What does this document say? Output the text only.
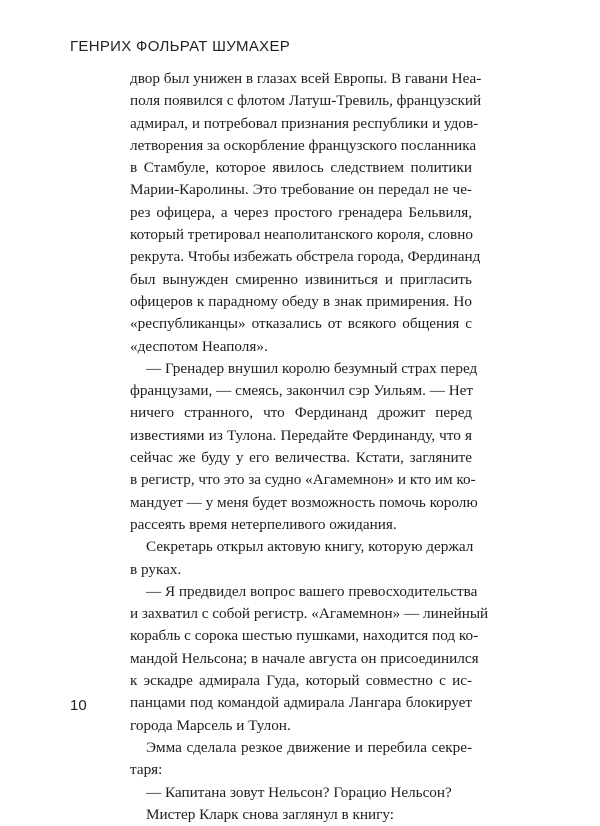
ГЕНРИХ ФОЛЬРАТ ШУМАХЕР
двор был унижен в глазах всей Европы. В гавани Неа-
поля появился с флотом Латуш-Тревиль, французский
адмирал, и потребовал признания республики и удов-
летворения за оскорбление французского посланника
в Стамбуле, которое явилось следствием политики
Марии-Каролины. Это требование он передал не че-
рез офицера, а через простого гренадера Бельвиля,
который третировал неаполитанского короля, словно
рекрута. Чтобы избежать обстрела города, Фердинанд
был вынужден смиренно извиниться и пригласить
офицеров к парадному обеду в знак примирения. Но
«республиканцы» отказались от всякого общения с
«деспотом Неаполя».
— Гренадер внушил королю безумный страх перед
французами, — смеясь, закончил сэр Уильям. — Нет
ничего странного, что Фердинанд дрожит перед
известиями из Тулона. Передайте Фердинанду, что я
сейчас же буду у его величества. Кстати, загляните
в регистр, что это за судно «Агамемнон» и кто им ко-
мандует — у меня будет возможность помочь королю
рассеять время нетерпеливого ожидания.
Секретарь открыл актовую книгу, которую держал
в руках.
— Я предвидел вопрос вашего превосходительства
и захватил с собой регистр. «Агамемнон» — линейный
корабль с сорока шестью пушками, находится под ко-
мандой Нельсона; в начале августа он присоединился
к эскадре адмирала Гуда, который совместно с ис-
панцами под командой адмирала Лангара блокирует
города Марсель и Тулон.
Эмма сделала резкое движение и перебила секре-
таря:
— Капитана зовут Нельсон? Горацио Нельсон?
Мистер Кларк снова заглянул в книгу:
10
